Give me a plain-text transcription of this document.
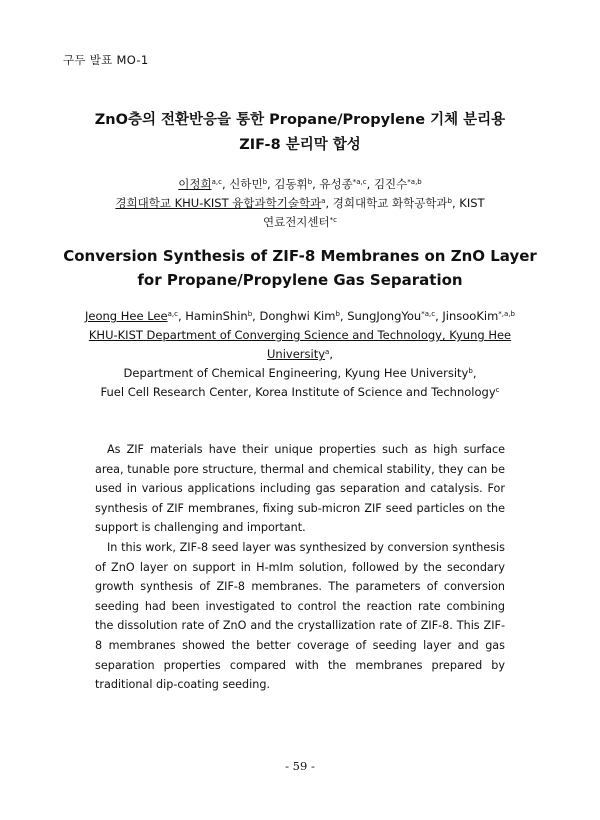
구두 발표 MO-1
ZnO층의 전환반응을 통한 Propane/Propylene 기체 분리용
ZIF-8 분리막 합성
이정희$^{a,c}$, 신하민$^b$, 김동휘$^b$, 유성종$^{*a,c}$, 김진수$^{*a,b}$
경희대학교 KHU-KIST 융합과학기술학과$^a$, 경희대학교 화학공학과$^b$, KIST
연료전지센터$^{*c}$
Conversion Synthesis of ZIF-8 Membranes on ZnO Layer
for Propane/Propylene Gas Separation
Jeong Hee Lee$^{a,c}$, HaminShin$^b$, Donghwi Kim$^b$, SungJongYou$^{*a,c}$, JinsooKim$^{*,a,b}$
KHU-KIST Department of Converging Science and Technology, Kyung Hee
University$^a$,
Department of Chemical Engineering, Kyung Hee University$^b$,
Fuel Cell Research Center, Korea Institute of Science and Technology$^c$

As ZIF materials have their unique properties such as high surface area, tunable pore structure, thermal and chemical stability, they can be used in various applications including gas separation and catalysis. For synthesis of ZIF membranes, fixing sub-micron ZIF seed particles on the support is challenging and important.

In this work, ZIF-8 seed layer was synthesized by conversion synthesis of ZnO layer on support in H-mIm solution, followed by the secondary growth synthesis of ZIF-8 membranes. The parameters of conversion seeding had been investigated to control the reaction rate combining the dissolution rate of ZnO and the crystallization rate of ZIF-8. This ZIF-8 membranes showed the better coverage of seeding layer and gas separation properties compared with the membranes prepared by traditional dip-coating seeding.

- 59 -
